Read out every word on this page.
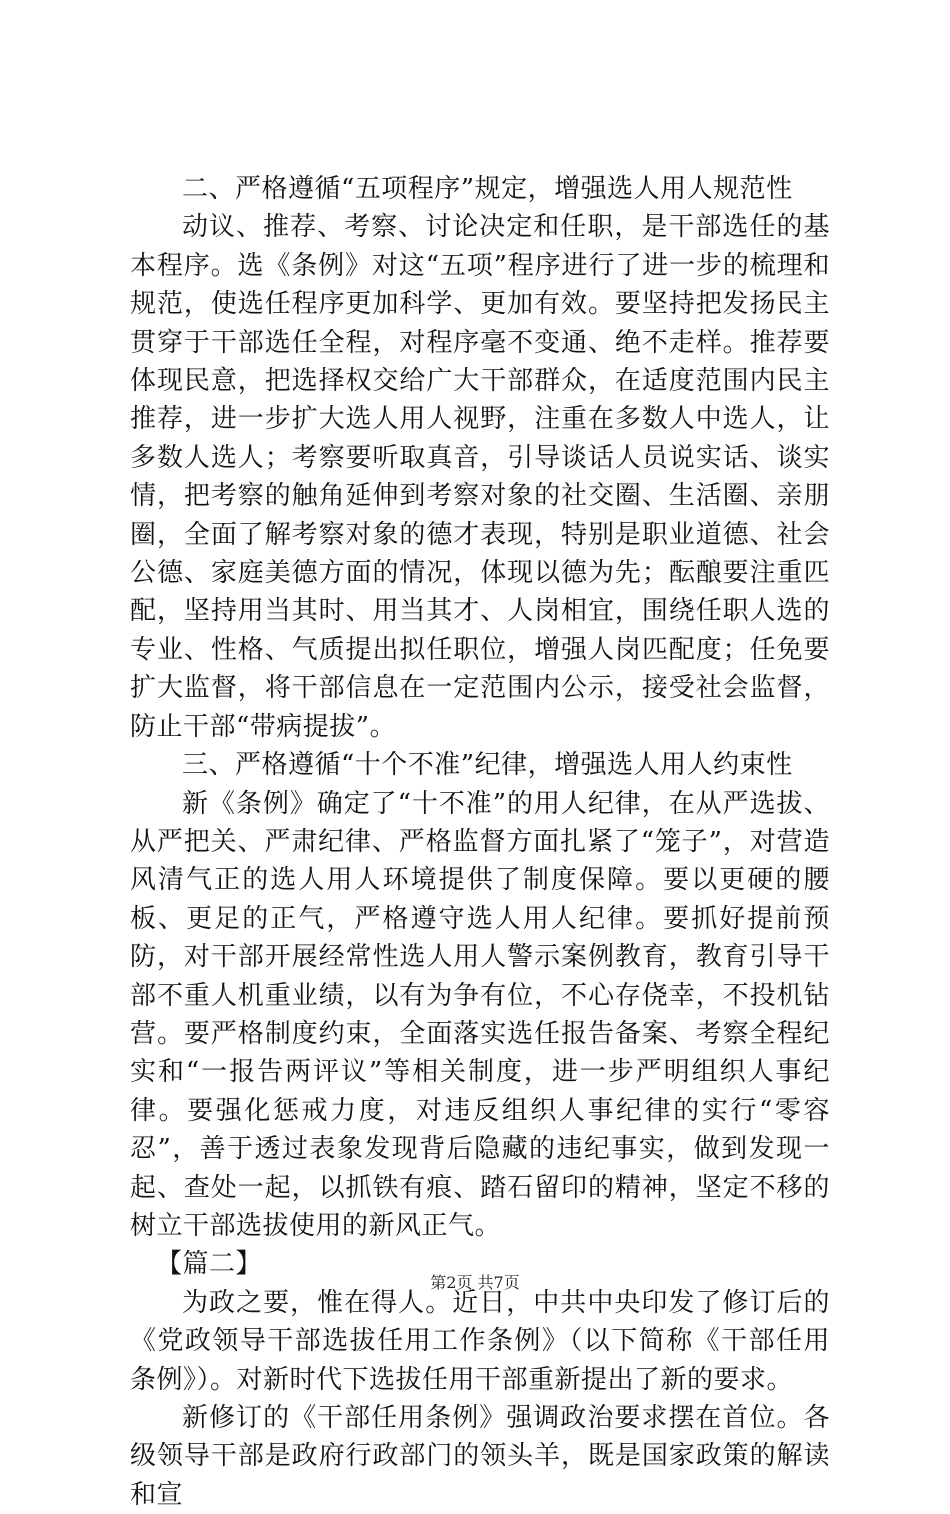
二、严格遵循“五项程序”规定，增强选人用人规范性

动议、推荐、考察、讨论决定和任职，是干部选任的基本程序。选《条例》对这“五项”程序进行了进一步的梳理和规范，使选任程序更加科学、更加有效。要坚持把发扬民主贯穿于干部选任全程，对程序毫不变通、绝不走样。推荐要体现民意，把选择权交给广大干部群众，在适度范围内民主推荐，进一步扩大选人用人视野，注重在多数人中选人，让多数人选人；考察要听取真音，引导谈话人员说实话、谈实情，把考察的触角延伸到考察对象的社交圈、生活圈、亲朋圈，全面了解考察对象的德才表现，特别是职业道德、社会公德、家庭美德方面的情况，体现以德为先；酝酿要注重匹配，坚持用当其时、用当其才、人岗相宜，围绕任职人选的专业、性格、气质提出拟任职位，增强人岗匹配度；任免要扩大监督，将干部信息在一定范围内公示，接受社会监督，防止干部“带病提拔”。

三、严格遵循“十个不准”纪律，增强选人用人约束性

新《条例》确定了“十不准”的用人纪律，在从严选拔、从严把关、严肃纪律、严格监督方面扎紧了“笼子”，对营造风清气正的选人用人环境提供了制度保障。要以更硬的腰板、更足的正气，严格遵守选人用人纪律。要抓好提前预防，对干部开展经常性选人用人警示案例教育，教育引导干部不重人机重业绩，以有为争有位，不心存侥幸，不投机钻营。要严格制度约束，全面落实选任报告备案、考察全程纪实和“一报告两评议”等相关制度，进一步严明组织人事纪律。要强化惩戒力度，对违反组织人事纪律的实行“零容忍”，善于透过表象发现背后隐藏的违纪事实，做到发现一起、查处一起，以抓铁有痕、踏石留印的精神，坚定不移的树立干部选拔使用的新风正气。

【篇二】

为政之要，惟在得人。近日，中共中央印发了修订后的《党政领导干部选拔任用工作条例》（以下简称《干部任用条例》）。对新时代下选拔任用干部重新提出了新的要求。

新修订的《干部任用条例》强调政治要求摆在首位。各级领导干部是政府行政部门的领头羊，既是国家政策的解读和宣

第2页 共7页
